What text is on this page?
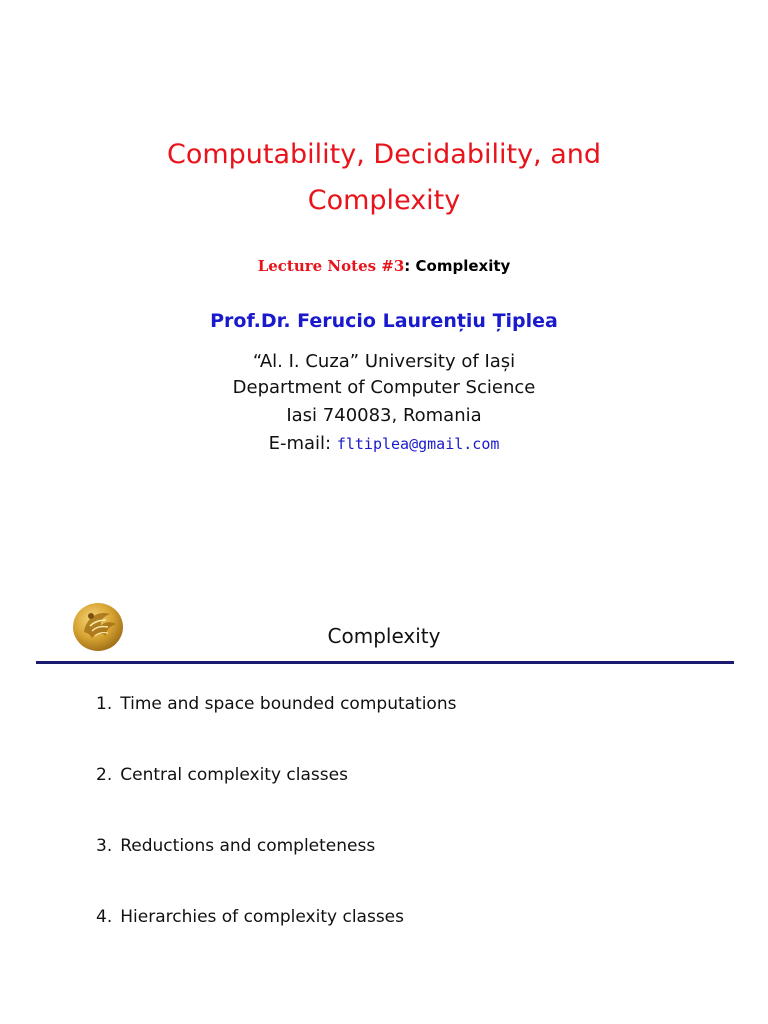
Computability, Decidability, and
Complexity
Lecture Notes #3: Complexity
Prof.Dr. Ferucio Laurențiu Țiplea
“Al. I. Cuza” University of Iași
Department of Computer Science
Iasi 740083, Romania
E-mail: fltiplea@gmail.com
Complexity
1. Time and space bounded computations
2. Central complexity classes
3. Reductions and completeness
4. Hierarchies of complexity classes
